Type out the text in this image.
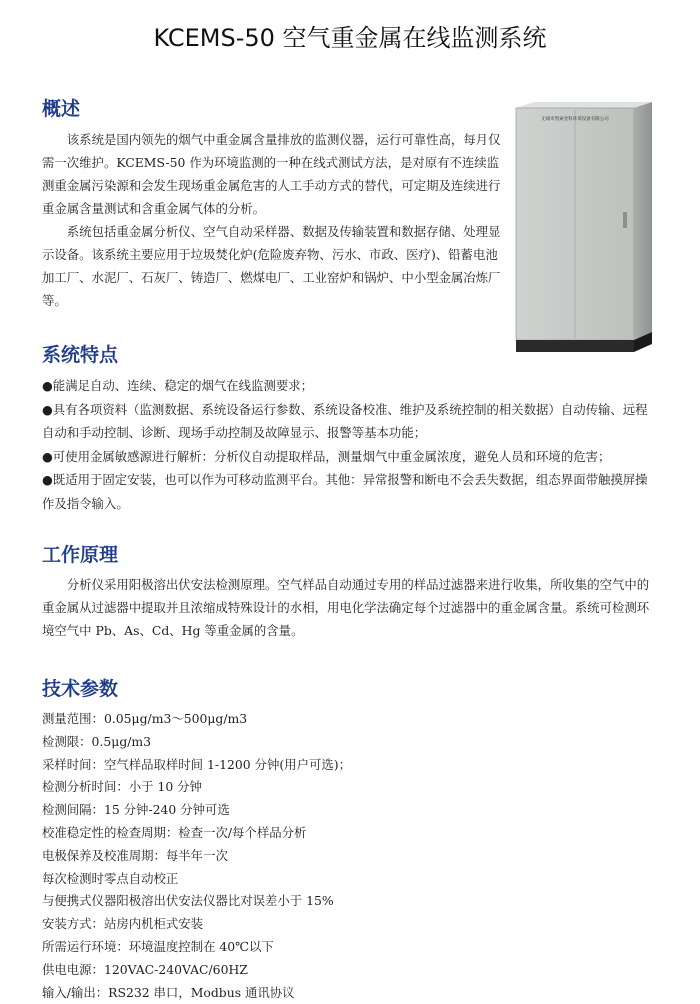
KCEMS-50 空气重金属在线监测系统
概述

该系统是国内领先的烟气中重金属含量排放的监测仪器，运行可靠性高，每月仅需一次维护。KCEMS-50 作为环境监测的一种在线式测试方法，是对原有不连续监测重金属污染源和会发生现场重金属危害的人工手动方式的替代，可定期及连续进行重金属含量测试和含重金属气体的分析。

系统包括重金属分析仪、空气自动采样器、数据及传输装置和数据存储、处理显示设备。该系统主要应用于垃圾焚化炉(危险废弃物、污水、市政、医疗)、铅蓄电池加工厂、水泥厂、石灰厂、铸造厂、燃煤电厂、工业窑炉和锅炉、中小型金属冶炼厂等。

无锡市凯索金科环境设备有限公司
系统特点
●能满足自动、连续、稳定的烟气在线监测要求；
●具有各项资料（监测数据、系统设备运行参数、系统设备校准、维护及系统控制的相关数据）自动传输、远程自动和手动控制、诊断、现场手动控制及故障显示、报警等基本功能；
●可使用金属敏感源进行解析：分析仪自动提取样品，测量烟气中重金属浓度，避免人员和环境的危害；
●既适用于固定安装，也可以作为可移动监测平台。其他：异常报警和断电不会丢失数据，组态界面带触摸屏操作及指令输入。
工作原理

分析仪采用阳极溶出伏安法检测原理。空气样品自动通过专用的样品过滤器来进行收集，所收集的空气中的重金属从过滤器中提取并且浓缩成特殊设计的水相，用电化学法确定每个过滤器中的重金属含量。系统可检测环境空气中 Pb、As、Cd、Hg 等重金属的含量。

技术参数
测量范围：0.05μg/m3～500μg/m3
检测限：0.5μg/m3
采样时间：空气样品取样时间 1-1200 分钟(用户可选)；
检测分析时间：小于 10 分钟
检测间隔：15 分钟-240 分钟可选
校准稳定性的检查周期：检查一次/每个样品分析
电极保养及校准周期：每半年一次
每次检测时零点自动校正
与便携式仪器阳极溶出伏安法仪器比对误差小于 15%
安装方式：站房内机柜式安装
所需运行环境：环境温度控制在 40℃以下
供电电源：120VAC-240VAC/60HZ
输入/输出：RS232 串口，Modbus 通讯协议
